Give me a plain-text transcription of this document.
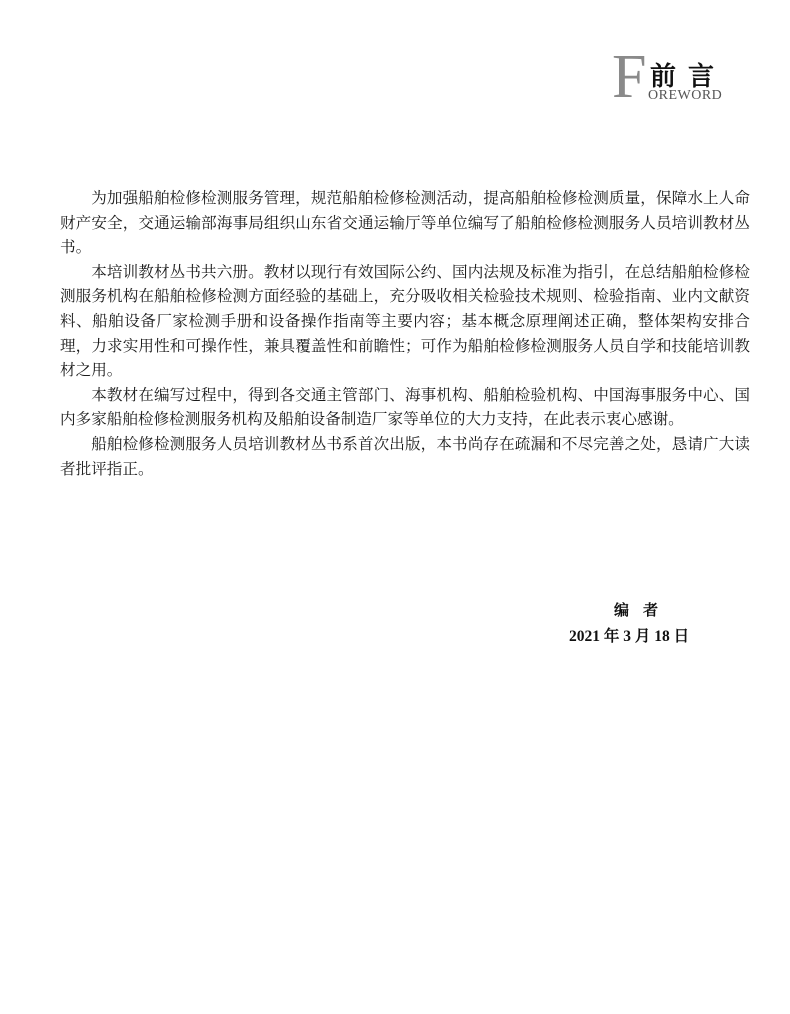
F 前言
OREWORD

为加强船舶检修检测服务管理，规范船舶检修检测活动，提高船舶检修检测质量，保障水上人命财产安全，交通运输部海事局组织山东省交通运输厅等单位编写了船舶检修检测服务人员培训教材丛书。

本培训教材丛书共六册。教材以现行有效国际公约、国内法规及标准为指引，在总结船舶检修检测服务机构在船舶检修检测方面经验的基础上，充分吸收相关检验技术规则、检验指南、业内文献资料、船舶设备厂家检测手册和设备操作指南等主要内容；基本概念原理阐述正确，整体架构安排合理，力求实用性和可操作性，兼具覆盖性和前瞻性；可作为船舶检修检测服务人员自学和技能培训教材之用。

本教材在编写过程中，得到各交通主管部门、海事机构、船舶检验机构、中国海事服务中心、国内多家船舶检修检测服务机构及船舶设备制造厂家等单位的大力支持，在此表示衷心感谢。

船舶检修检测服务人员培训教材丛书系首次出版，本书尚存在疏漏和不尽完善之处，恳请广大读者批评指正。

编者
2021 年 3 月 18 日
